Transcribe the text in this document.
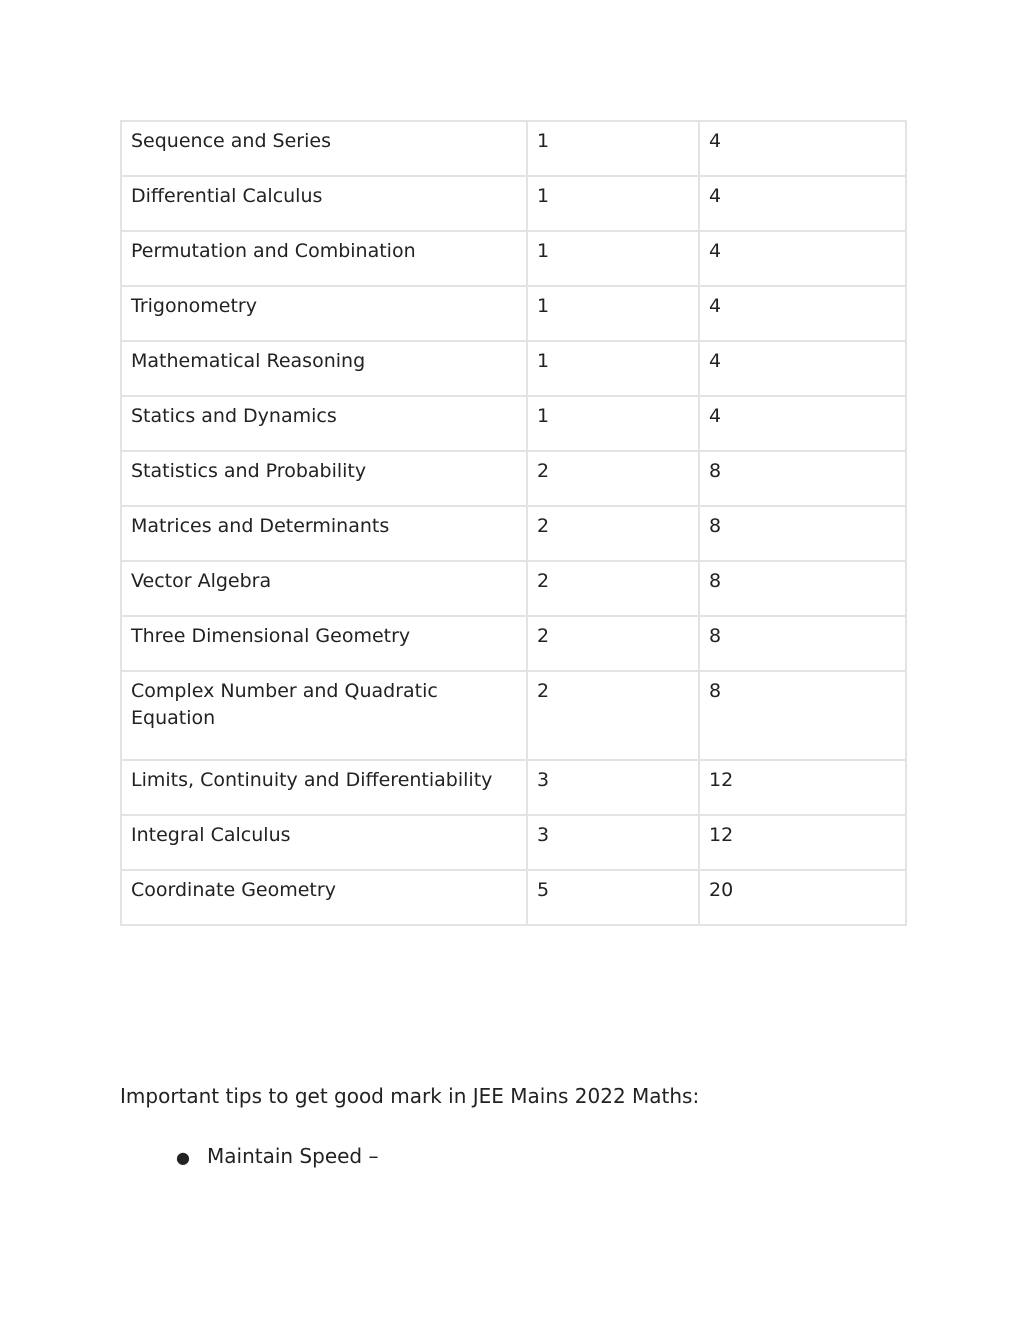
Sequence and Series	1	4
Differential Calculus	1	4
Permutation and Combination	1	4
Trigonometry	1	4
Mathematical Reasoning	1	4
Statics and Dynamics	1	4
Statistics and Probability	2	8
Matrices and Determinants	2	8
Vector Algebra	2	8
Three Dimensional Geometry	2	8
Complex Number and Quadratic Equation	2	8
Limits, Continuity and Differentiability	3	12
Integral Calculus	3	12
Coordinate Geometry	5	20

Important tips to get good mark in JEE Mains 2022 Maths:

● Maintain Speed –
